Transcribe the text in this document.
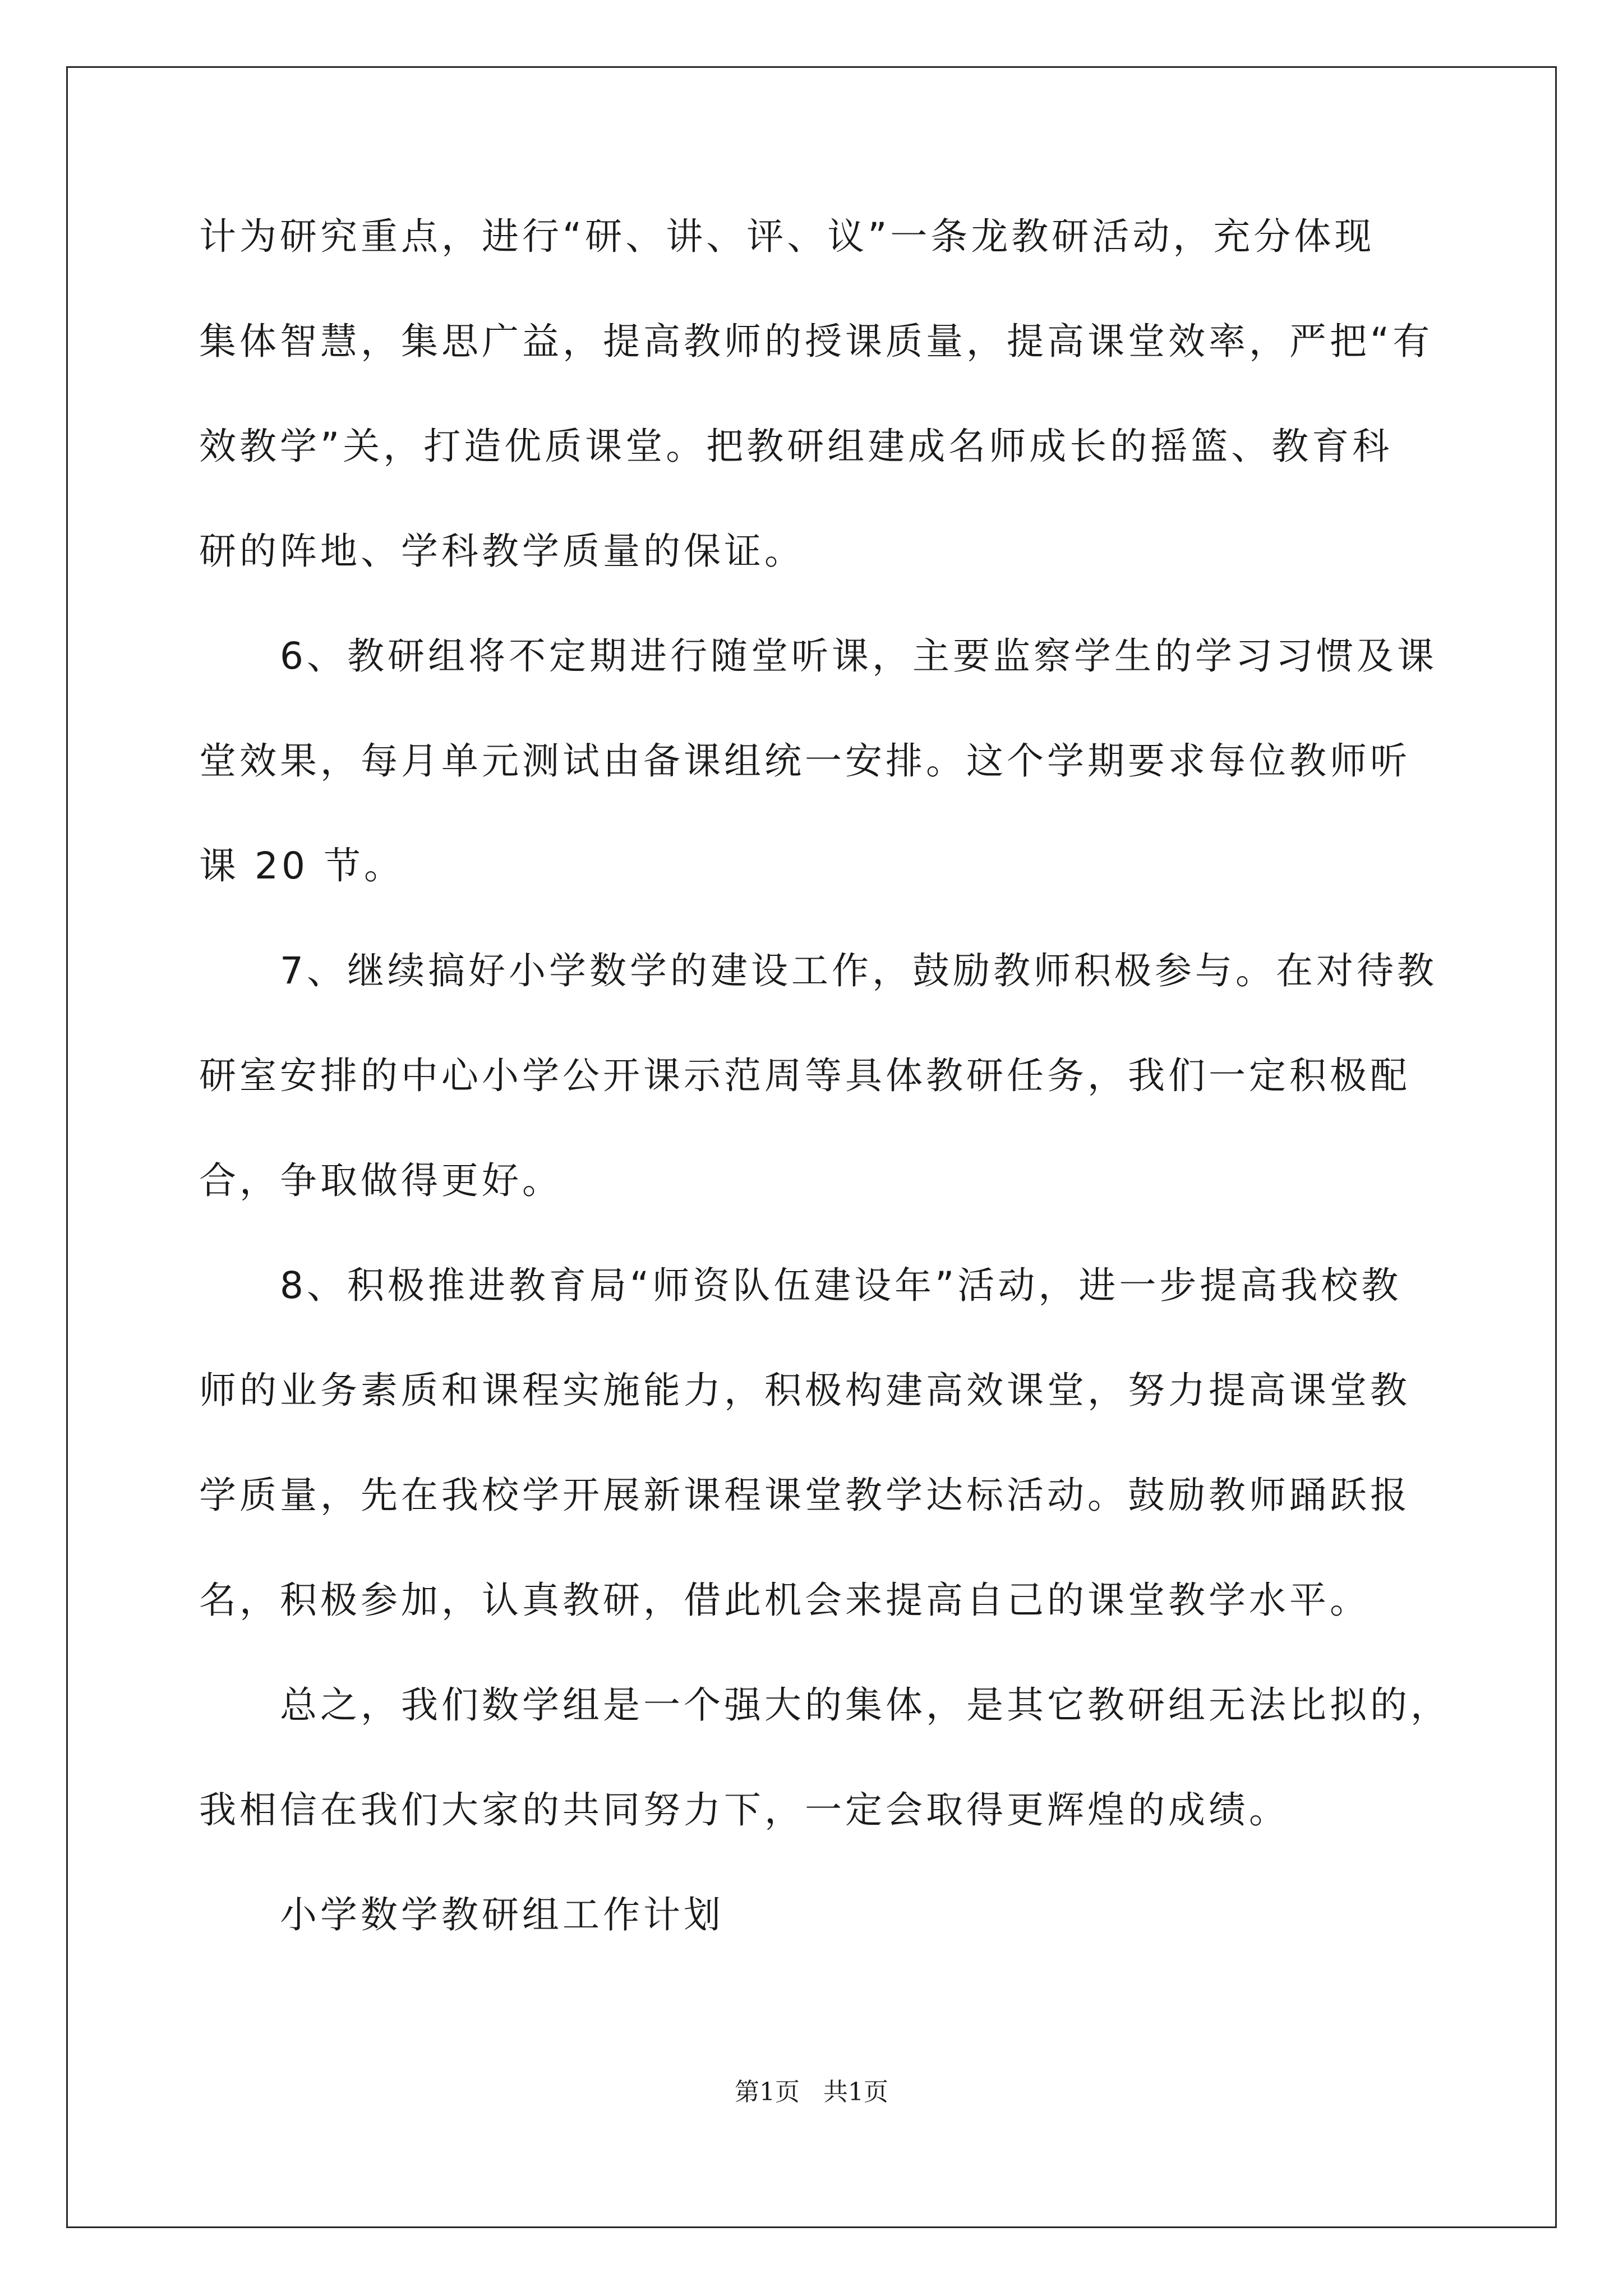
计为研究重点，进行“研、讲、评、议”一条龙教研活动，充分体现
集体智慧，集思广益，提高教师的授课质量，提高课堂效率，严把“有
效教学”关，打造优质课堂。把教研组建成名师成长的摇篮、教育科
研的阵地、学科教学质量的保证。
6、教研组将不定期进行随堂听课，主要监察学生的学习习惯及课
堂效果，每月单元测试由备课组统一安排。这个学期要求每位教师听
课 20 节。
7、继续搞好小学数学的建设工作，鼓励教师积极参与。在对待教
研室安排的中心小学公开课示范周等具体教研任务，我们一定积极配
合，争取做得更好。
8、积极推进教育局“师资队伍建设年”活动，进一步提高我校教
师的业务素质和课程实施能力，积极构建高效课堂，努力提高课堂教
学质量，先在我校学开展新课程课堂教学达标活动。鼓励教师踊跃报
名，积极参加，认真教研，借此机会来提高自己的课堂教学水平。
总之，我们数学组是一个强大的集体，是其它教研组无法比拟的，
我相信在我们大家的共同努力下，一定会取得更辉煌的成绩。
小学数学教研组工作计划
第1页 共1页
